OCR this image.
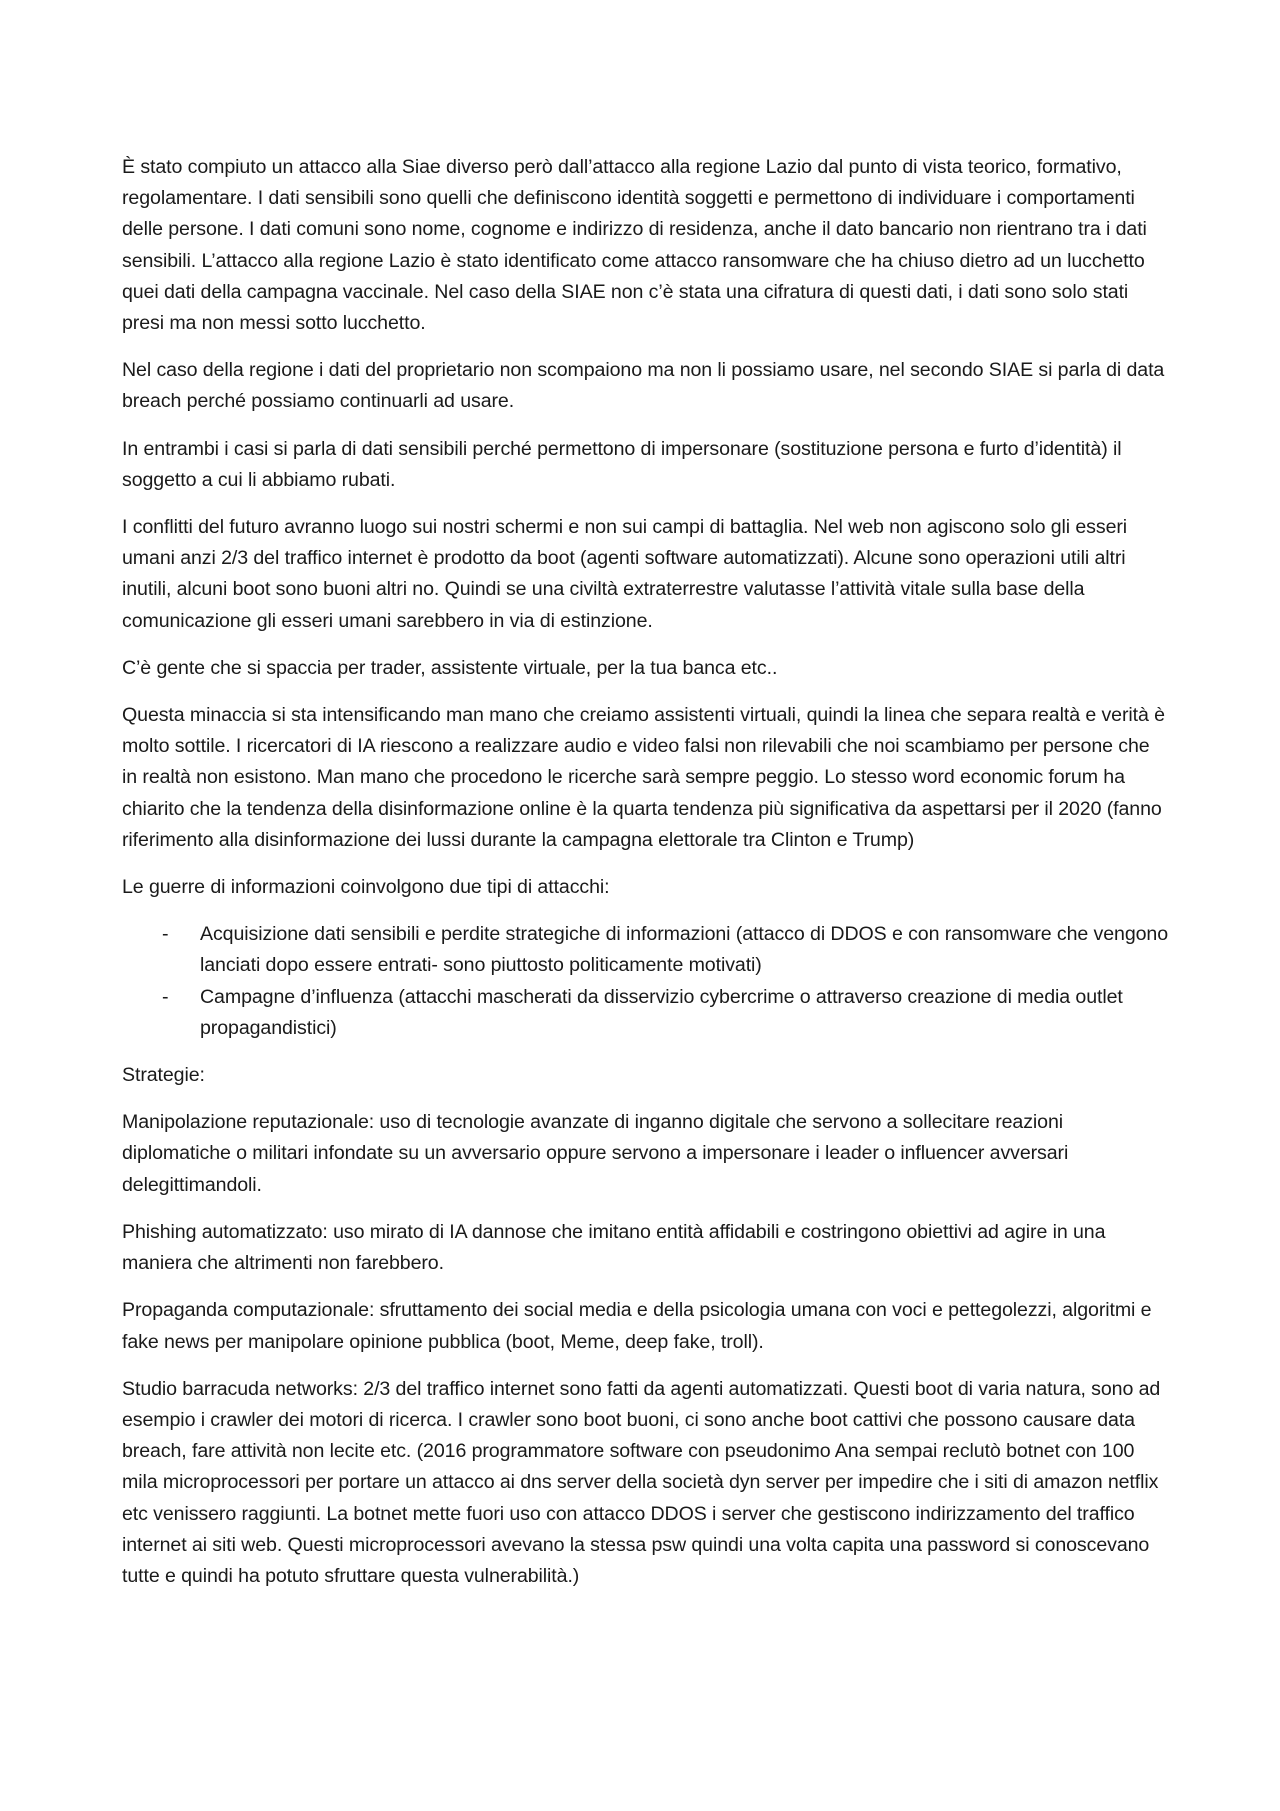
È stato compiuto un attacco alla Siae diverso però dall’attacco alla regione Lazio dal punto di vista teorico, formativo, regolamentare. I dati sensibili sono quelli che definiscono identità soggetti e permettono di individuare i comportamenti delle persone. I dati comuni sono nome, cognome e indirizzo di residenza, anche il dato bancario non rientrano tra i dati sensibili. L’attacco alla regione Lazio è stato identificato come attacco ransomware che ha chiuso dietro ad un lucchetto quei dati della campagna vaccinale. Nel caso della SIAE non c’è stata una cifratura di questi dati, i dati sono solo stati presi ma non messi sotto lucchetto.

Nel caso della regione i dati del proprietario non scompaiono ma non li possiamo usare, nel secondo SIAE si parla di data breach perché possiamo continuarli ad usare.

In entrambi i casi si parla di dati sensibili perché permettono di impersonare (sostituzione persona e furto d’identità) il soggetto a cui li abbiamo rubati.

I conflitti del futuro avranno luogo sui nostri schermi e non sui campi di battaglia. Nel web non agiscono solo gli esseri umani anzi 2/3 del traffico internet è prodotto da boot (agenti software automatizzati). Alcune sono operazioni utili altri inutili, alcuni boot sono buoni altri no. Quindi se una civiltà extraterrestre valutasse l’attività vitale sulla base della comunicazione gli esseri umani sarebbero in via di estinzione.

C’è gente che si spaccia per trader, assistente virtuale, per la tua banca etc..

Questa minaccia si sta intensificando man mano che creiamo assistenti virtuali, quindi la linea che separa realtà e verità è molto sottile. I ricercatori di IA riescono a realizzare audio e video falsi non rilevabili che noi scambiamo per persone che in realtà non esistono. Man mano che procedono le ricerche sarà sempre peggio. Lo stesso word economic forum ha chiarito che la tendenza della disinformazione online è la quarta tendenza più significativa da aspettarsi per il 2020 (fanno riferimento alla disinformazione dei lussi durante la campagna elettorale tra Clinton e Trump)

Le guerre di informazioni coinvolgono due tipi di attacchi:

- Acquisizione dati sensibili e perdite strategiche di informazioni (attacco di DDOS e con ransomware che vengono lanciati dopo essere entrati- sono piuttosto politicamente motivati)
- Campagne d’influenza (attacchi mascherati da disservizio cybercrime o attraverso creazione di media outlet propagandistici)

Strategie:

Manipolazione reputazionale: uso di tecnologie avanzate di inganno digitale che servono a sollecitare reazioni diplomatiche o militari infondate su un avversario oppure servono a impersonare i leader o influencer avversari delegittimandoli.

Phishing automatizzato: uso mirato di IA dannose che imitano entità affidabili e costringono obiettivi ad agire in una maniera che altrimenti non farebbero.

Propaganda computazionale: sfruttamento dei social media e della psicologia umana con voci e pettegolezzi, algoritmi e fake news per manipolare opinione pubblica (boot, Meme, deep fake, troll).

Studio barracuda networks: 2/3 del traffico internet sono fatti da agenti automatizzati. Questi boot di varia natura, sono ad esempio i crawler dei motori di ricerca. I crawler sono boot buoni, ci sono anche boot cattivi che possono causare data breach, fare attività non lecite etc. (2016 programmatore software con pseudonimo Ana sempai reclutò botnet con 100 mila microprocessori per portare un attacco ai dns server della società dyn server per impedire che i siti di amazon netflix etc venissero raggiunti. La botnet mette fuori uso con attacco DDOS i server che gestiscono indirizzamento del traffico internet ai siti web. Questi microprocessori avevano la stessa psw quindi una volta capita una password si conoscevano tutte e quindi ha potuto sfruttare questa vulnerabilità.)
